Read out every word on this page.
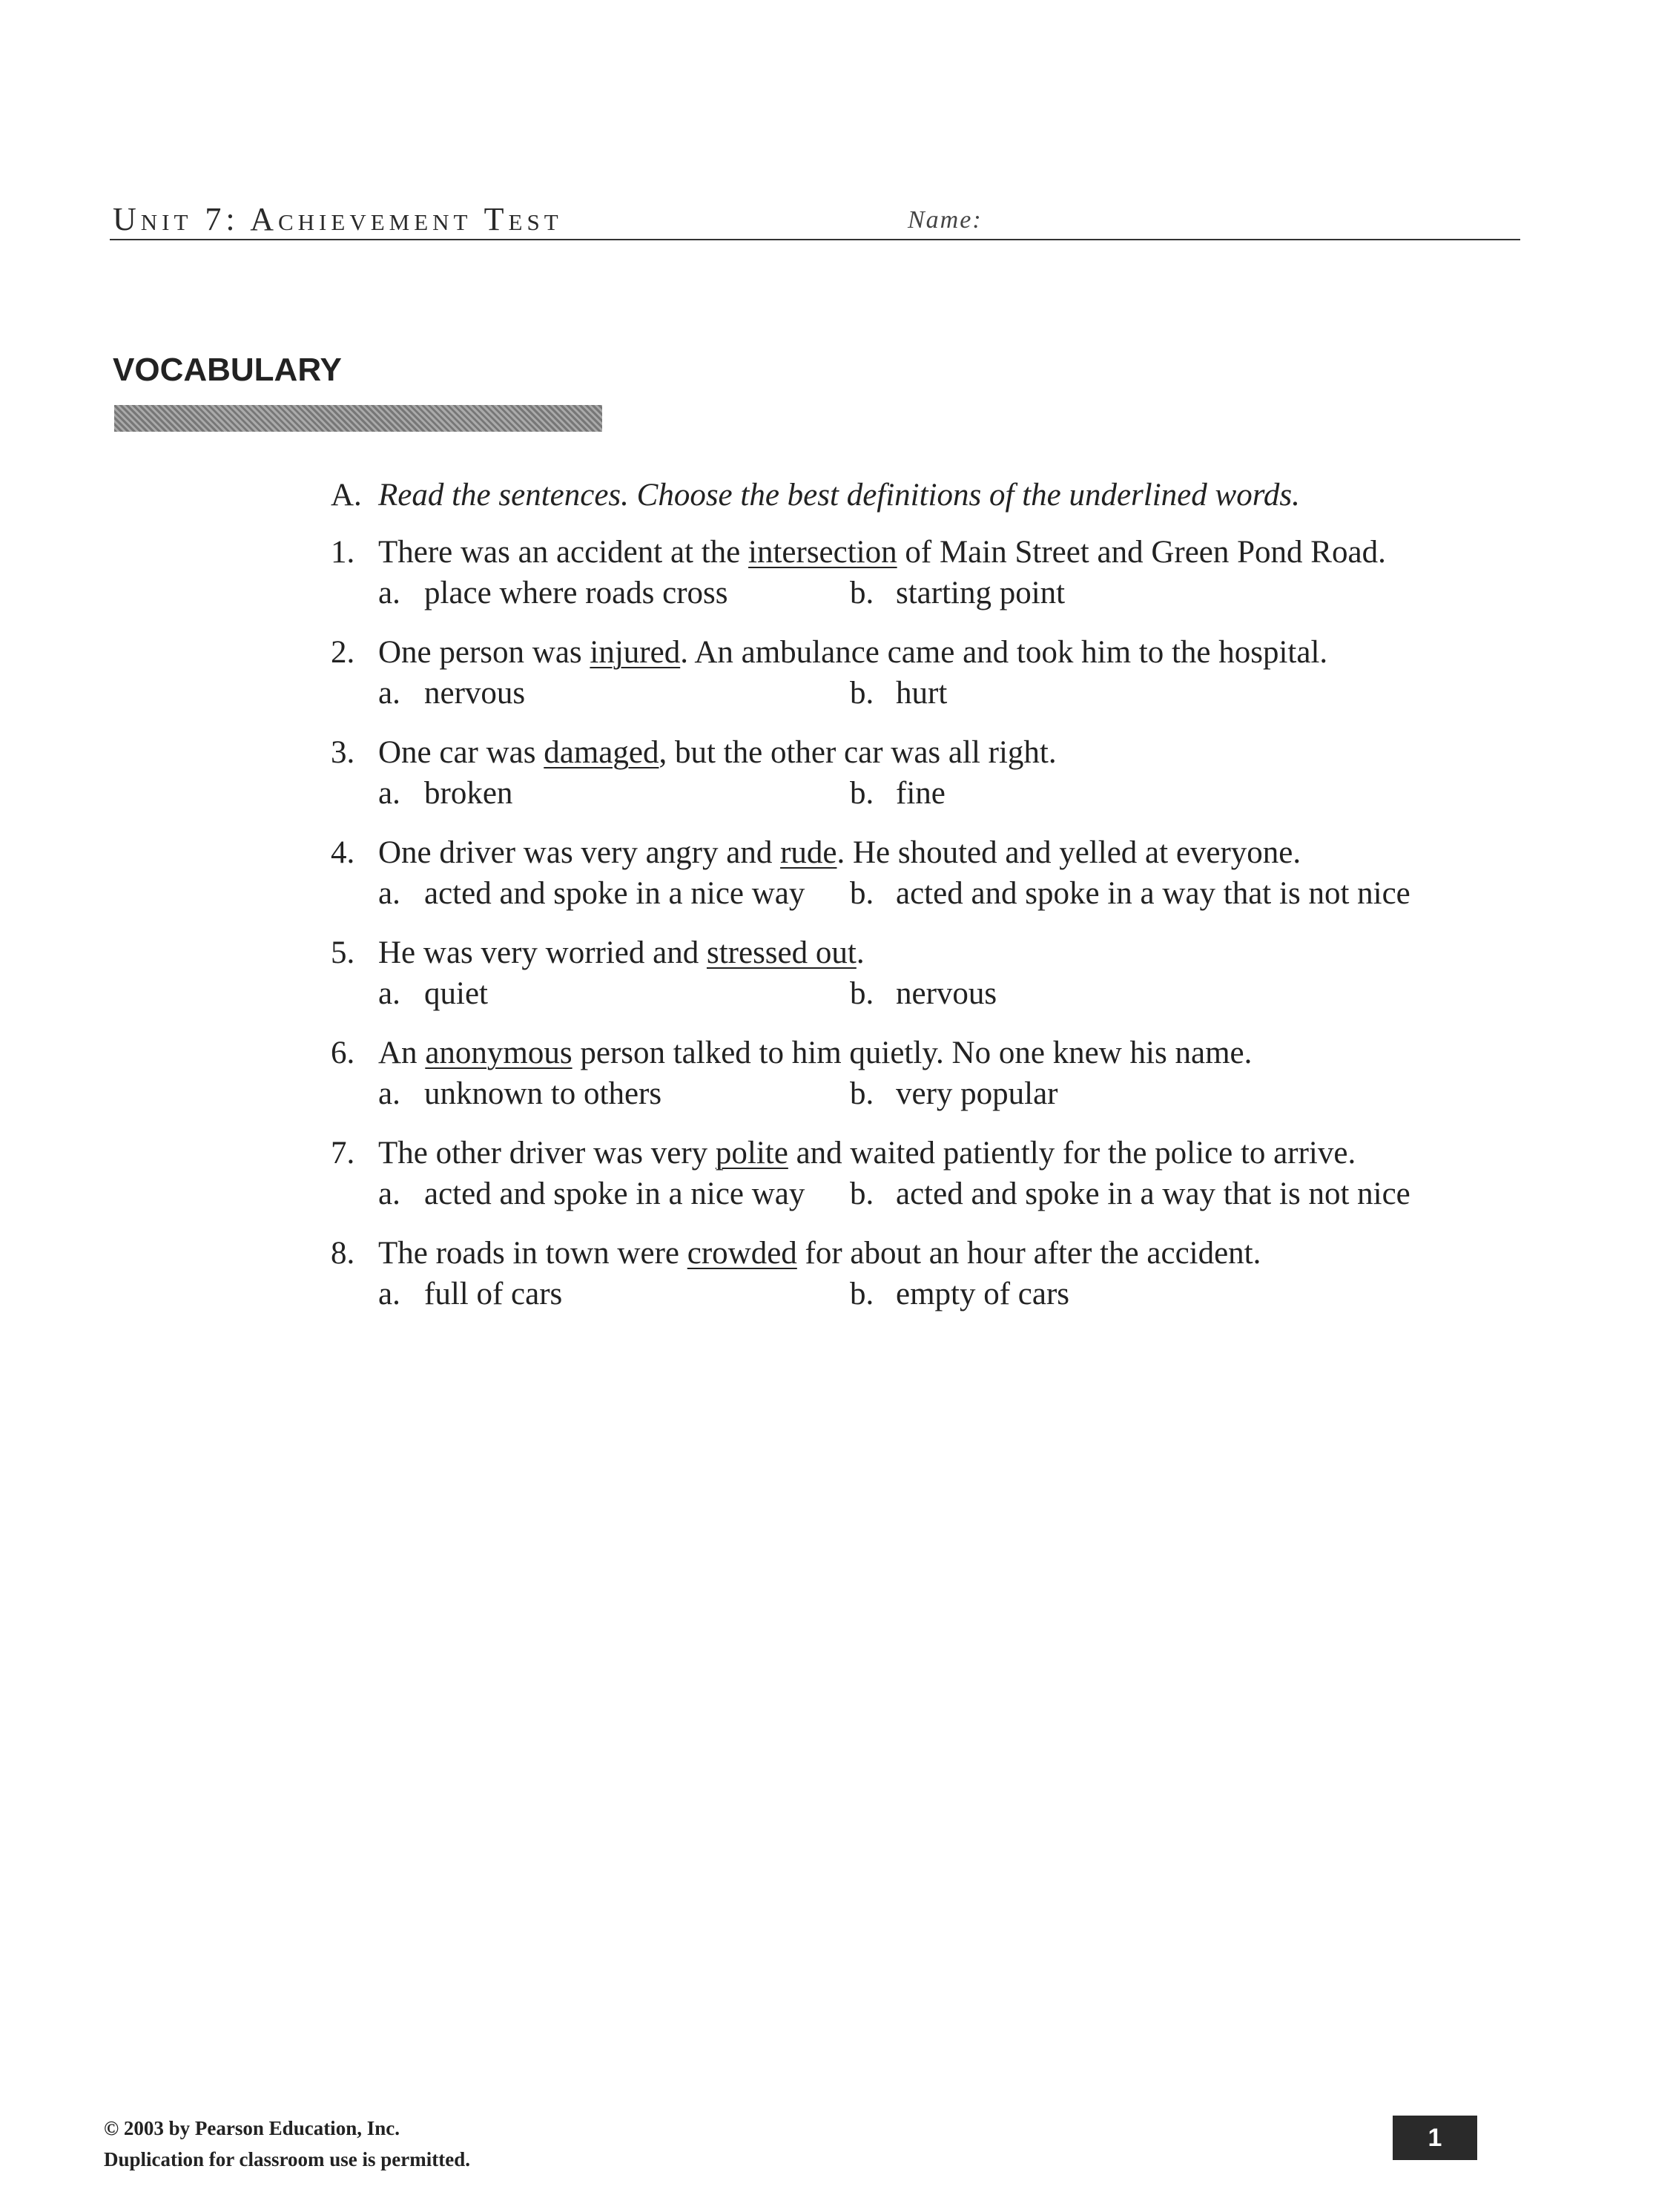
Unit 7: Achievement Test	Name:
VOCABULARY
A. Read the sentences. Choose the best definitions of the underlined words.
1. There was an accident at the intersection of Main Street and Green Pond Road.
a. place where roads cross	b. starting point
2. One person was injured. An ambulance came and took him to the hospital.
a. nervous	b. hurt
3. One car was damaged, but the other car was all right.
a. broken	b. fine
4. One driver was very angry and rude. He shouted and yelled at everyone.
a. acted and spoke in a nice way	b. acted and spoke in a way that is not nice
5. He was very worried and stressed out.
a. quiet	b. nervous
6. An anonymous person talked to him quietly. No one knew his name.
a. unknown to others	b. very popular
7. The other driver was very polite and waited patiently for the police to arrive.
a. acted and spoke in a nice way	b. acted and spoke in a way that is not nice
8. The roads in town were crowded for about an hour after the accident.
a. full of cars	b. empty of cars
© 2003 by Pearson Education, Inc.
Duplication for classroom use is permitted.
1
